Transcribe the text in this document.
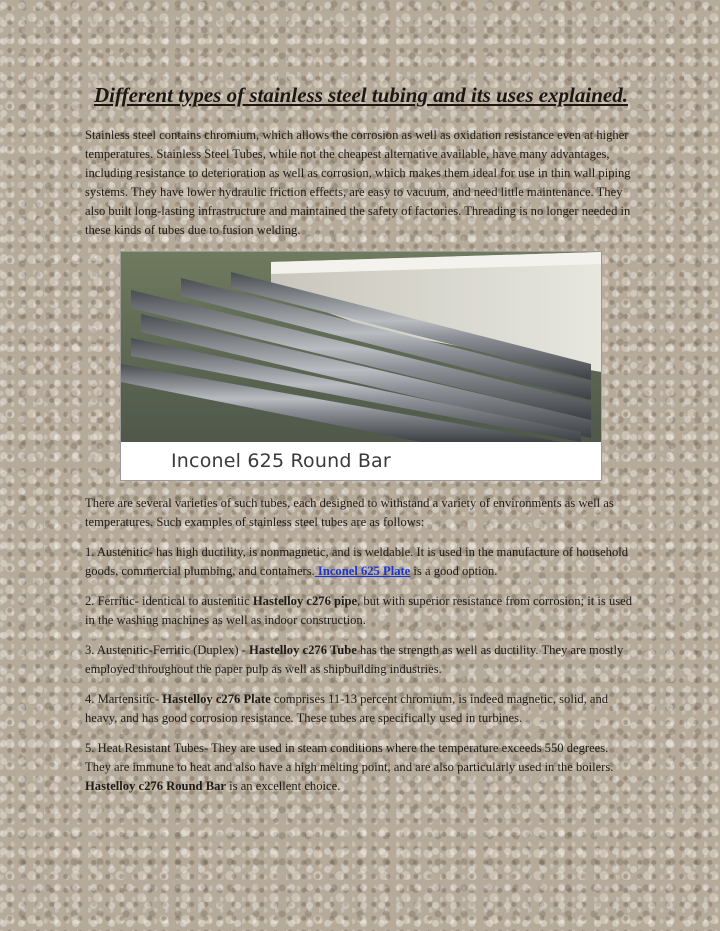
Different types of stainless steel tubing and its uses explained.

Stainless steel contains chromium, which allows the corrosion as well as oxidation resistance even at higher temperatures. Stainless Steel Tubes, while not the cheapest alternative available, have many advantages, including resistance to deterioration as well as corrosion, which makes them ideal for use in thin wall piping systems. They have lower hydraulic friction effects, are easy to vacuum, and need little maintenance. They also built long-lasting infrastructure and maintained the safety of factories. Threading is no longer needed in these kinds of tubes due to fusion welding.

Inconel 625 Round Bar

There are several varieties of such tubes, each designed to withstand a variety of environments as well as temperatures. Such examples of stainless steel tubes are as follows:

1. Austenitic- has high ductility, is nonmagnetic, and is weldable. It is used in the manufacture of household goods, commercial plumbing, and containers. Inconel 625 Plate is a good option.

2. Ferritic- identical to austenitic Hastelloy c276 pipe, but with superior resistance from corrosion; it is used in the washing machines as well as indoor construction.

3. Austenitic-Ferritic (Duplex) - Hastelloy c276 Tube has the strength as well as ductility. They are mostly employed throughout the paper pulp as well as shipbuilding industries.

4. Martensitic- Hastelloy c276 Plate comprises 11-13 percent chromium, is indeed magnetic, solid, and heavy, and has good corrosion resistance. These tubes are specifically used in turbines.

5. Heat Resistant Tubes- They are used in steam conditions where the temperature exceeds 550 degrees. They are immune to heat and also have a high melting point, and are also particularly used in the boilers. Hastelloy c276 Round Bar is an excellent choice.
